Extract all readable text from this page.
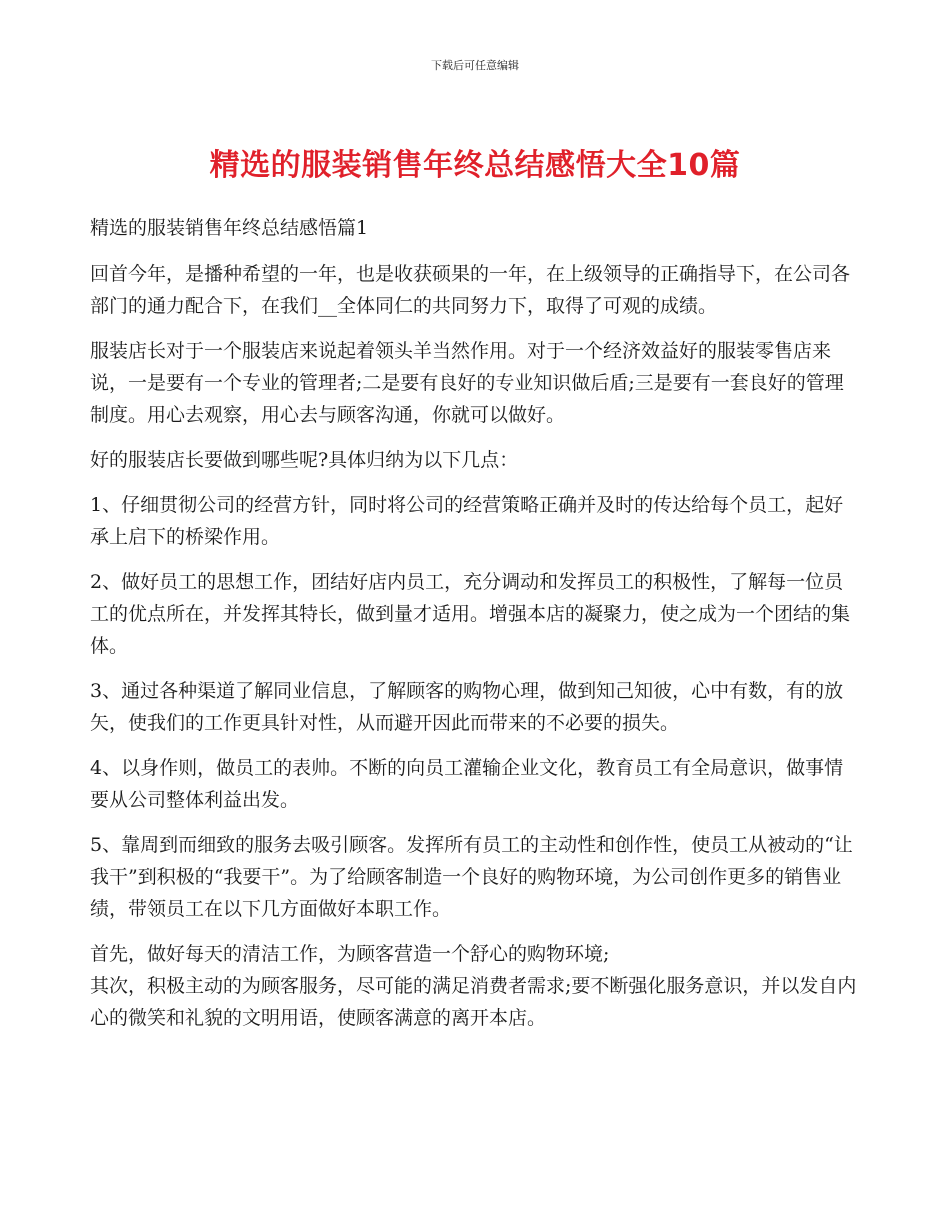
下载后可任意编辑
精选的服装销售年终总结感悟大全10篇

精选的服装销售年终总结感悟篇1

回首今年，是播种希望的一年，也是收获硕果的一年，在上级领导的正确指导下，在公司各部门的通力配合下，在我们__全体同仁的共同努力下，取得了可观的成绩。

服装店长对于一个服装店来说起着领头羊当然作用。对于一个经济效益好的服装零售店来说，一是要有一个专业的管理者;二是要有良好的专业知识做后盾;三是要有一套良好的管理制度。用心去观察，用心去与顾客沟通，你就可以做好。

好的服装店长要做到哪些呢?具体归纳为以下几点：

1、仔细贯彻公司的经营方针，同时将公司的经营策略正确并及时的传达给每个员工，起好承上启下的桥梁作用。

2、做好员工的思想工作，团结好店内员工，充分调动和发挥员工的积极性，了解每一位员工的优点所在，并发挥其特长，做到量才适用。增强本店的凝聚力，使之成为一个团结的集体。

3、通过各种渠道了解同业信息，了解顾客的购物心理，做到知己知彼，心中有数，有的放矢，使我们的工作更具针对性，从而避开因此而带来的不必要的损失。

4、以身作则，做员工的表帅。不断的向员工灌输企业文化，教育员工有全局意识，做事情要从公司整体利益出发。

5、靠周到而细致的服务去吸引顾客。发挥所有员工的主动性和创作性，使员工从被动的“让我干”到积极的“我要干”。为了给顾客制造一个良好的购物环境，为公司创作更多的销售业绩，带领员工在以下几方面做好本职工作。

首先，做好每天的清洁工作，为顾客营造一个舒心的购物环境;

其次，积极主动的为顾客服务，尽可能的满足消费者需求;要不断强化服务意识，并以发自内心的微笑和礼貌的文明用语，使顾客满意的离开本店。
